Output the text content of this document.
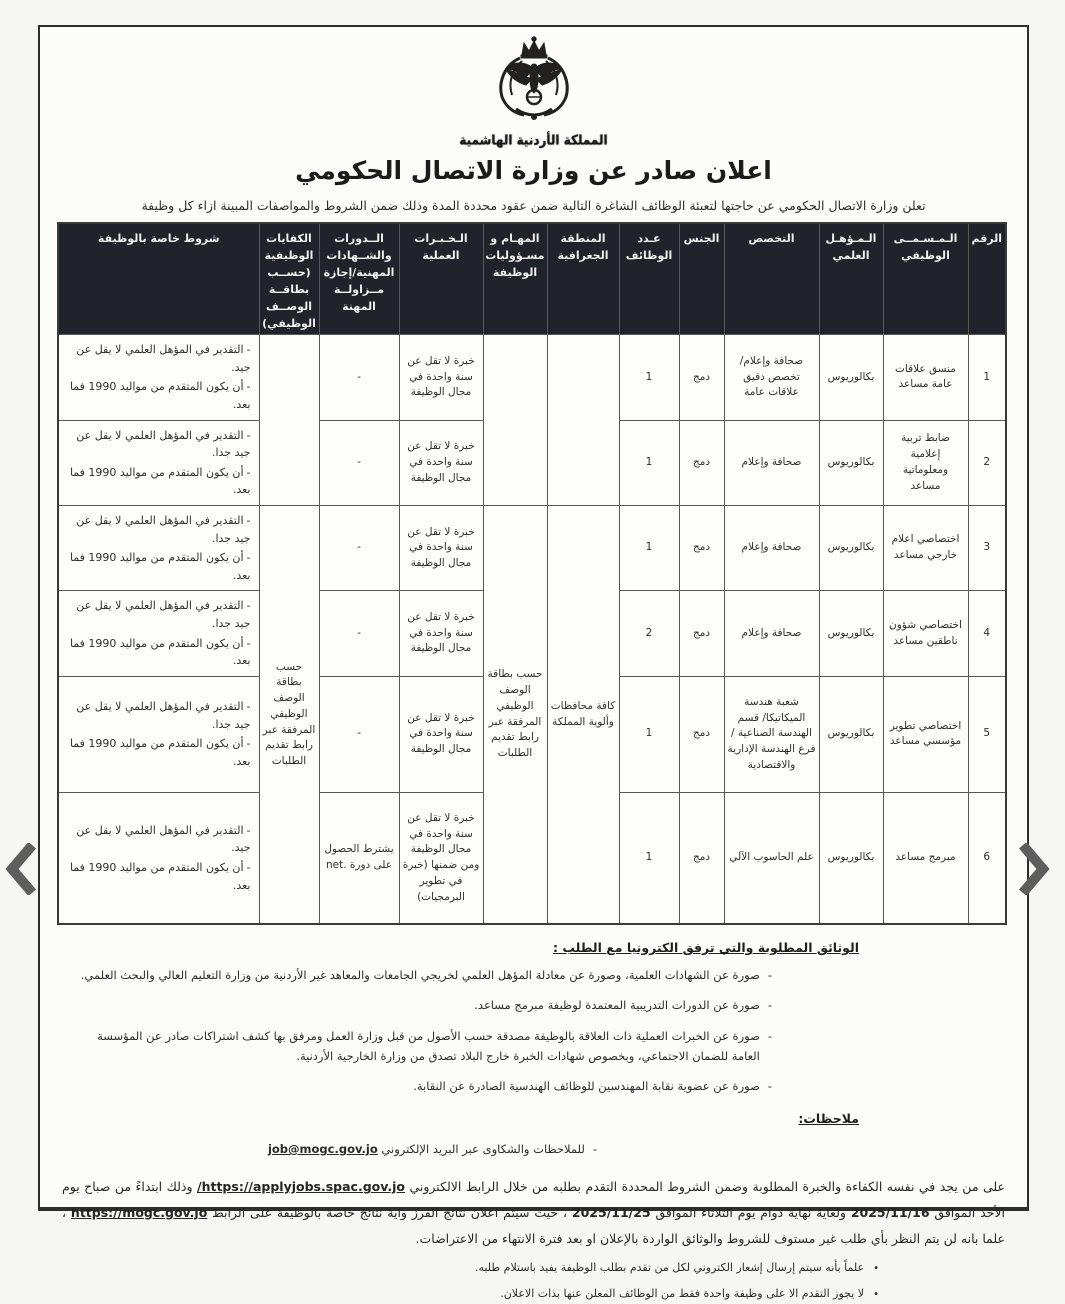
المملكة الأردنية الهاشمية
اعلان صادر عن وزارة الاتصال الحكومي
تعلن وزارة الاتصال الحكومي عن حاجتها لتعبئة الوظائف الشاغرة التالية ضمن عقود محددة المدة وذلك ضمن الشروط والمواصفات المبينة ازاء كل وظيفة
الرقم	الـمـسـمــى الوظيفي	الـمـؤهـل العلمي	التخصص	الجنس	عـدد الوظائف	المنطقة الجغرافية	المهـام و مسـؤوليات الوظيفة	الـخـبـرات العملية	الــدورات والشــهادات المهنية/إجازة مــزاولــة المهنة	الكفايات الوظيفية (حســب بطاقــة الوصــف الوظيفي)	شروط خاصة بالوظيفة
1	منسق علاقات عامة مساعد	بكالوريوس	صحافة وإعلام/ تخصص دقيق علاقات عامة	دمج	1			خبرة لا تقل عن سنة واحدة في مجال الوظيفة	-		-التقدير في المؤهل العلمي لا يقل عن جيد.
-أن يكون المتقدم من مواليد 1990 فما بعد.

2	ضابط تربية إعلامية ومعلوماتية مساعد	بكالوريوس	صحافة وإعلام	دمج	1			خبرة لا تقل عن سنة واحدة في مجال الوظيفة	-		-التقدير في المؤهل العلمي لا يقل عن جيد جدا.
-أن يكون المتقدم من مواليد 1990 فما بعد.

3	اختصاصي اعلام خارجي مساعد	بكالوريوس	صحافة وإعلام	دمج	1	كافة محافظات وألوية المملكة	حسب بطاقة الوصف الوظيفي المرفقة عبر رابط تقديم الطلبات	خبرة لا تقل عن سنة واحدة في مجال الوظيفة	-	حسب بطاقة الوصف الوظيفي المرفقة عبر رابط تقديم الطلبات	-التقدير في المؤهل العلمي لا يقل عن جيد جدا.
-أن يكون المتقدم من مواليد 1990 فما بعد.

4	اختصاصي شؤون ناطقين مساعد	بكالوريوس	صحافة وإعلام	دمج	2			خبرة لا تقل عن سنة واحدة في مجال الوظيفة	-		-التقدير في المؤهل العلمي لا يقل عن جيد جدا.
-أن يكون المتقدم من مواليد 1990 فما بعد.

5	اختصاصي تطوير مؤسسي مساعد	بكالوريوس	شعبة هندسة الميكاتيكا/ قسم الهندسة الصناعية / فرع الهندسة الإدارية والاقتصادية	دمج	1			خبرة لا تقل عن سنة واحدة في مجال الوظيفة	-		-التقدير في المؤهل العلمي لا يقل عن جيد جدا.
-أن يكون المتقدم من مواليد 1990 فما بعد.

6	مبرمج مساعد	بكالوريوس	علم الحاسوب الآلي	دمج	1			خبرة لا تقل عن سنة واحدة في مجال الوظيفة ومن ضمنها (خبرة في تطوير البرمجيات)	يشترط الحصول على دورة .net		-التقدير في المؤهل العلمي لا يقل عن جيد.
-أن يكون المتقدم من مواليد 1990 فما بعد.
الوثائق المطلوبة والتي ترفق الكترونيا مع الطلب :
-
صورة عن الشهادات العلمية، وصورة عن معادلة المؤهل العلمي لخريجي الجامعات والمعاهد غير الأردنية من وزارة التعليم العالي والبحث العلمي.
-
صورة عن الدورات التدريبية المعتمدة لوظيفة مبرمج مساعد.
-
صورة عن الخبرات العملية ذات العلاقة بالوظيفة مصدقة حسب الأصول من قبل وزارة العمل ومرفق بها كشف اشتراكات صادر عن المؤسسة العامة للضمان الاجتماعي، وبخصوص شهادات الخبرة خارج البلاد تصدق من وزارة الخارجية الأردنية.
-
صورة عن عضوية نقابة المهندسين للوظائف الهندسية الصادرة عن النقابة.
ملاحظات:
-
للملاحظات والشكاوى عبر البريد الإلكتروني job@mogc.gov.jo

على من يجد في نفسه الكفاءة والخبرة المطلوبة وضمن الشروط المحددة التقدم بطلبه من خلال الرابط الالكتروني /https://applyjobs.spac.gov.jo وذلك ابتداءً من صباح يوم الأحد الموافق 2025/11/16 ولغاية نهاية دوام يوم الثلاثاء الموافق 2025/11/25 ، حيث سيتم اعلان نتائج الفرز واية نتائج خاصة بالوظيفة على الرابط https://mogc.gov.jo ، علما بانه لن يتم النظر بأي طلب غير مستوف للشروط والوثائق الواردة بالإعلان او بعد فترة الانتهاء من الاعتراضات.

•
علماً بأنه سيتم إرسال إشعار الكتروني لكل من تقدم بطلب الوظيفة يفيد باستلام طلبه.
•
لا يجوز التقدم الا على وظيفة واحدة فقط من الوظائف المعلن عنها بذات الاعلان.
